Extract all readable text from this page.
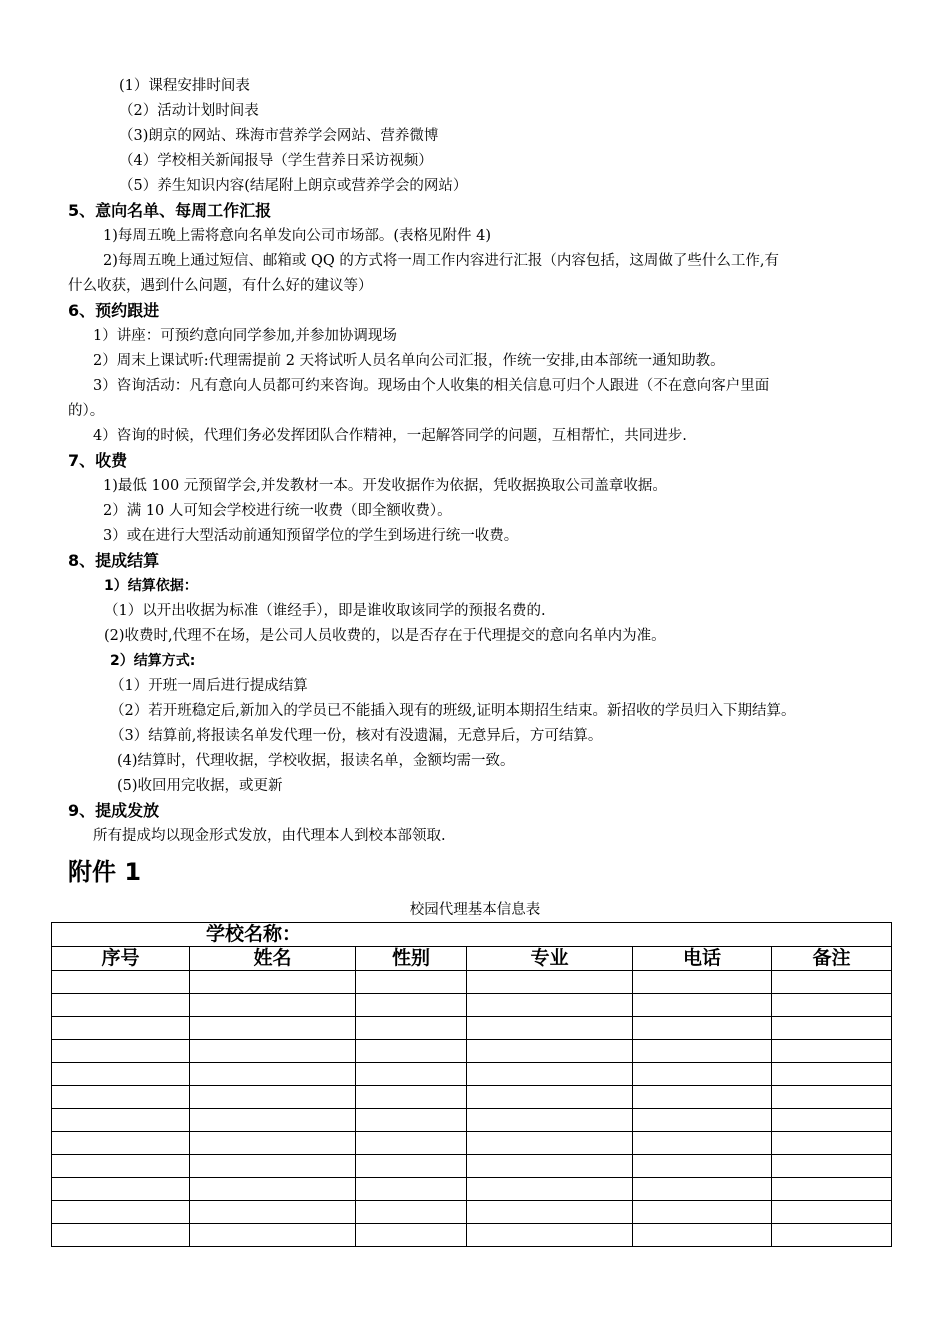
(1）课程安排时间表
（2）活动计划时间表
（3)朗京的网站、珠海市营养学会网站、营养微博
（4）学校相关新闻报导（学生营养日采访视频）
（5）养生知识内容(结尾附上朗京或营养学会的网站）
5、意向名单、每周工作汇报
1)每周五晚上需将意向名单发向公司市场部。(表格见附件 4)
2)每周五晚上通过短信、邮箱或 QQ 的方式将一周工作内容进行汇报（内容包括，这周做了些什么工作,有
什么收获，遇到什么问题，有什么好的建议等）
6、预约跟进
1）讲座：可预约意向同学参加,并参加协调现场
2）周末上课试听:代理需提前 2 天将试听人员名单向公司汇报，作统一安排,由本部统一通知助教。
3）咨询活动：凡有意向人员都可约来咨询。现场由个人收集的相关信息可归个人跟进（不在意向客户里面
的）。
4）咨询的时候，代理们务必发挥团队合作精神，一起解答同学的问题，互相帮忙，共同进步.
7、收费
1)最低 100 元预留学会,并发教材一本。开发收据作为依据，凭收据换取公司盖章收据。
2）满 10 人可知会学校进行统一收费（即全额收费）。
3）或在进行大型活动前通知预留学位的学生到场进行统一收费。
8、提成结算
1）结算依据：
（1）以开出收据为标准（谁经手），即是谁收取该同学的预报名费的.
(2)收费时,代理不在场，是公司人员收费的，以是否存在于代理提交的意向名单内为准。
2）结算方式:
（1）开班一周后进行提成结算
（2）若开班稳定后,新加入的学员已不能插入现有的班级,证明本期招生结束。新招收的学员归入下期结算。
（3）结算前,将报读名单发代理一份，核对有没遗漏，无意异后，方可结算。
(4)结算时，代理收据，学校收据，报读名单，金额均需一致。
(5)收回用完收据，或更新
9、提成发放
所有提成均以现金形式发放，由代理本人到校本部领取.
附件 1
校园代理基本信息表
学校名称：					
序号	姓名	性别	专业	电话	备注
